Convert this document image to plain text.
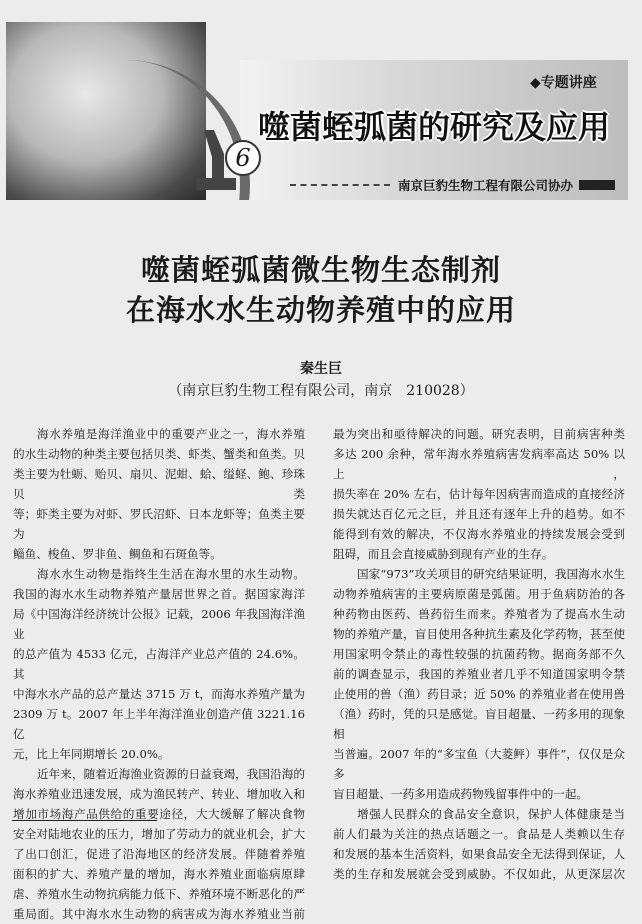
6
◆专题讲座
噬菌蛭弧菌的研究及应用
南京巨豹生物工程有限公司协办
噬菌蛭弧菌微生物生态制剂
在海水水生动物养殖中的应用
秦生巨
（南京巨豹生物工程有限公司，南京　210028）
海水养殖是海洋渔业中的重要产业之一，海水养殖
的水生动物的种类主要包括贝类、虾类、蟹类和鱼类。贝
类主要为牡蛎、贻贝、扇贝、泥蚶、蛤、缢蛏、鲍、珍珠贝类
等；虾类主要为对虾、罗氏沼虾、日本龙虾等；鱼类主要为
鲻鱼、梭鱼、罗非鱼、鲷鱼和石斑鱼等。
海水水生动物是指终生生活在海水里的水生动物。
我国的海水水生动物养殖产量居世界之首。据国家海洋
局《中国海洋经济统计公报》记载，2006 年我国海洋渔业
的总产值为 4533 亿元，占海洋产业总产值的 24.6%。其
中海水水产品的总产量达 3715 万 t，而海水养殖产量为
2309 万 t。2007 年上半年海洋渔业创造产值 3221.16 亿
元，比上年同期增长 20.0%。
近年来，随着近海渔业资源的日益衰竭，我国沿海的
海水养殖业迅速发展，成为渔民转产、转业、增加收入和
增加市场海产品供给的重要途径，大大缓解了解决食物
安全对陆地农业的压力，增加了劳动力的就业机会，扩大
了出口创汇，促进了沿海地区的经济发展。伴随着养殖
面积的扩大、养殖产量的增加，海水养殖业面临病原肆
虐、养殖水生动物抗病能力低下、养殖环境不断恶化的严
重局面。其中海水水生动物的病害成为海水养殖业当前
最为突出和亟待解决的问题。研究表明，目前病害种类
多达 200 余种，常年海水养殖病害发病率高达 50% 以上，
损失率在 20% 左右，估计每年因病害而造成的直接经济
损失就达百亿元之巨，并且还有逐年上升的趋势。如不
能得到有效的解决，不仅海水养殖业的持续发展会受到
阻碍，而且会直接威胁到现有产业的生存。
国家“973”攻关项目的研究结果证明，我国海水水生
动物养殖病害的主要病原菌是弧菌。用于鱼病防治的各
种药物由医药、兽药衍生而来。养殖者为了提高水生动
物的养殖产量，盲目使用各种抗生素及化学药物，甚至使
用国家明令禁止的毒性较强的抗菌药物。据商务部不久
前的调查显示，我国的养殖业者几乎不知道国家明令禁
止使用的兽（渔）药目录；近 50% 的养殖业者在使用兽
（渔）药时，凭的只是感觉。盲目超量、一药多用的现象相
当普遍。2007 年的“多宝鱼（大菱鲆）事件”，仅仅是众多
盲目超量、一药多用造成药物残留事件中的一起。
增强人民群众的食品安全意识，保护人体健康是当
前人们最为关注的热点话题之一。食品是人类赖以生存
和发展的基本生活资料，如果食品安全无法得到保证，人
类的生存和发展就会受到威胁。不仅如此，从更深层次
